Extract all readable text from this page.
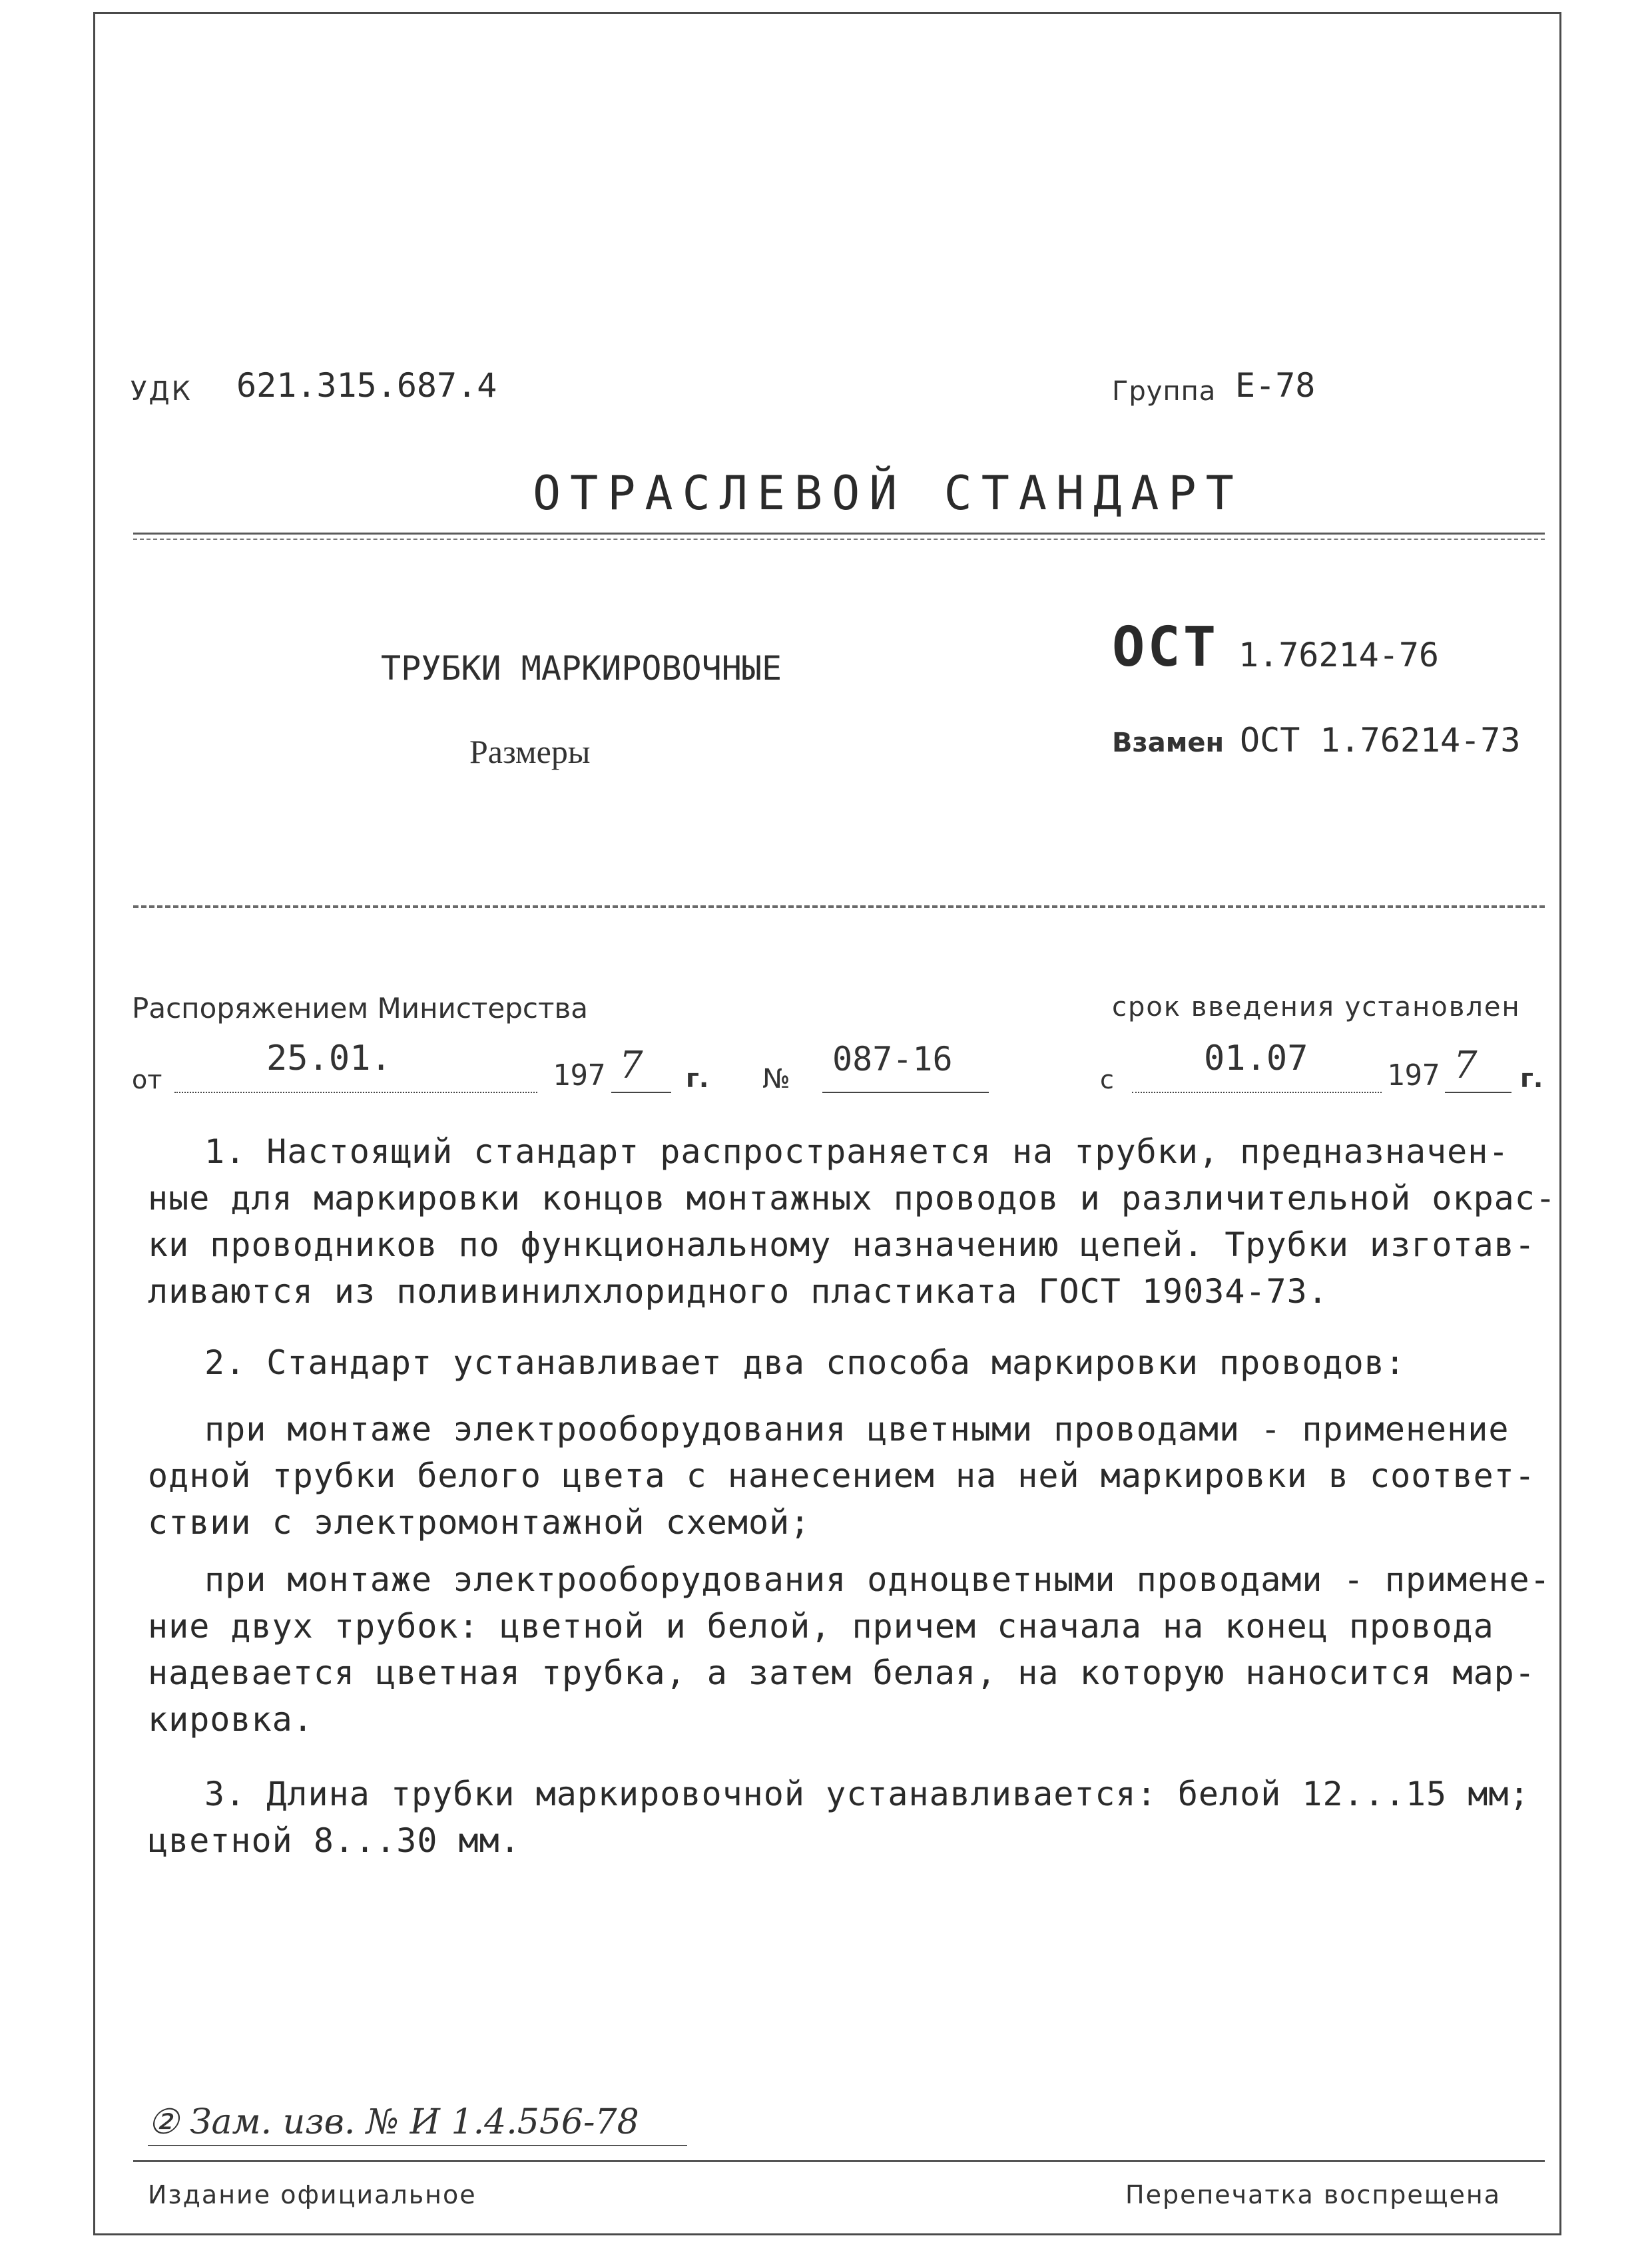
УДК 621.315.687.4	Группа Е-78
ОТРАСЛЕВОЙ СТАНДАРТ
ТРУБКИ МАРКИРОВОЧНЫЕ
Размеры
ОСТ 1.76214-76
Взамен ОСТ 1.76214-73
Распоряжением Министерства
от
25.01.	197 7 г. №
087-16
срок введения установлен
с
01.07	197 7 г.
1. Настоящий стандарт распространяется на трубки, предназначен-
ные для маркировки концов монтажных проводов и различительной окрас-
ки проводников по функциональному назначению цепей. Трубки изготав-
ливаются из поливинилхлоридного пластиката ГОСТ 19034-73.
2. Стандарт устанавливает два способа маркировки проводов:
при монтаже электрооборудования цветными проводами - применение
одной трубки белого цвета с нанесением на ней маркировки в соответ-
ствии с электромонтажной схемой;
при монтаже электрооборудования одноцветными проводами - примене-
ние двух трубок: цветной и белой, причем сначала на конец провода
надевается цветная трубка, а затем белая, на которую наносится мар-
кировка.
3. Длина трубки маркировочной устанавливается: белой 12...15 мм;
цветной 8...30 мм.
② Зам. изв. № И 1.4.556-78
Издание официальное	Перепечатка воспрещена
